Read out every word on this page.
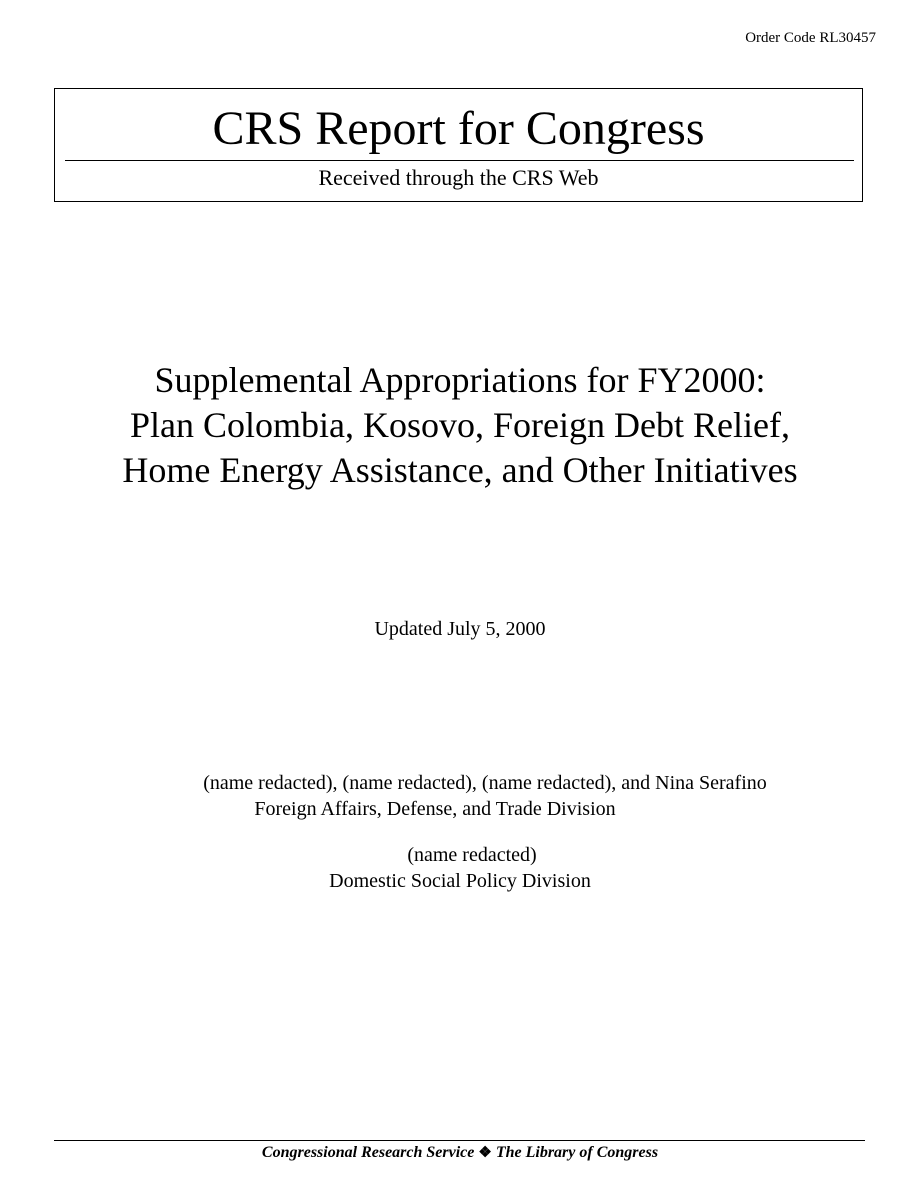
Order Code RL30457
CRS Report for Congress
Received through the CRS Web
Supplemental Appropriations for FY2000:
Plan Colombia, Kosovo, Foreign Debt Relief,
Home Energy Assistance, and Other Initiatives
Updated July 5, 2000
(name redacted), (name redacted), (name redacted), and Nina Serafino
Foreign Affairs, Defense, and Trade Division
(name redacted)
Domestic Social Policy Division
Congressional Research Service ❖ The Library of Congress
